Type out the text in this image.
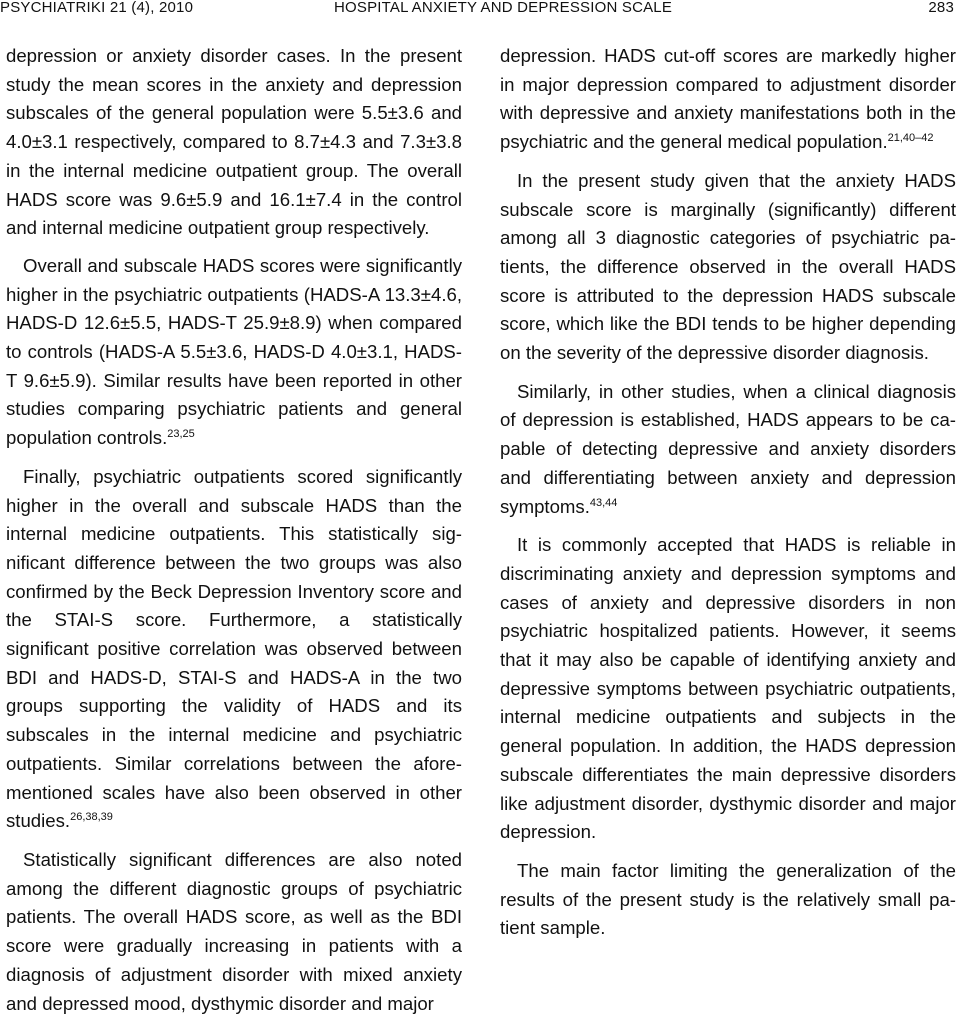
PSYCHIATRIKI 21 (4), 2010	HOSPITAL ANXIETY AND DEPRESSION SCALE	283

depression or anxiety disorder cases. In the present study the mean scores in the anxiety and depression subscales of the general population were 5.5±3.6 and 4.0±3.1 respectively, compared to 8.7±4.3 and 7.3±3.8 in the internal medicine outpatient group. The overall HADS score was 9.6±5.9 and 16.1±7.4 in the control and internal medicine outpatient group respectively.

Overall and subscale HADS scores were significantly higher in the psychiatric outpatients (HADS-A 13.3±4.6, HADS-D 12.6±5.5, HADS-T 25.9±8.9) when compared to controls (HADS-A 5.5±3.6, HADS-D 4.0±3.1, HADS-T 9.6±5.9). Similar results have been reported in other studies comparing psychiatric patients and general population controls.$^{23,25}$

Finally, psychiatric outpatients scored significantly higher in the overall and subscale HADS than the internal medicine outpatients. This statistically significant difference between the two groups was also confirmed by the Beck Depression Inventory score and the STAI-S score. Furthermore, a statistically significant positive correlation was observed between BDI and HADS-D, STAI-S and HADS-A in the two groups supporting the validity of HADS and its subscales in the internal medicine and psychiatric outpatients. Similar correlations between the aforementioned scales have also been observed in other studies.$^{26,38,39}$

Statistically significant differences are also noted among the different diagnostic groups of psychiatric patients. The overall HADS score, as well as the BDI score were gradually increasing in patients with a diagnosis of adjustment disorder with mixed anxiety and depressed mood, dysthymic disorder and major

depression. HADS cut-off scores are markedly higher in major depression compared to adjustment disorder with depressive and anxiety manifestations both in the psychiatric and the general medical population.$^{21,40-42}$

In the present study given that the anxiety HADS subscale score is marginally (significantly) different among all 3 diagnostic categories of psychiatric patients, the difference observed in the overall HADS score is attributed to the depression HADS subscale score, which like the BDI tends to be higher depending on the severity of the depressive disorder diagnosis.

Similarly, in other studies, when a clinical diagnosis of depression is established, HADS appears to be capable of detecting depressive and anxiety disorders and differentiating between anxiety and depression symptoms.$^{43,44}$

It is commonly accepted that HADS is reliable in discriminating anxiety and depression symptoms and cases of anxiety and depressive disorders in non psychiatric hospitalized patients. However, it seems that it may also be capable of identifying anxiety and depressive symptoms between psychiatric outpatients, internal medicine outpatients and subjects in the general population. In addition, the HADS depression subscale differentiates the main depressive disorders like adjustment disorder, dysthymic disorder and major depression.

The main factor limiting the generalization of the results of the present study is the relatively small patient sample.
